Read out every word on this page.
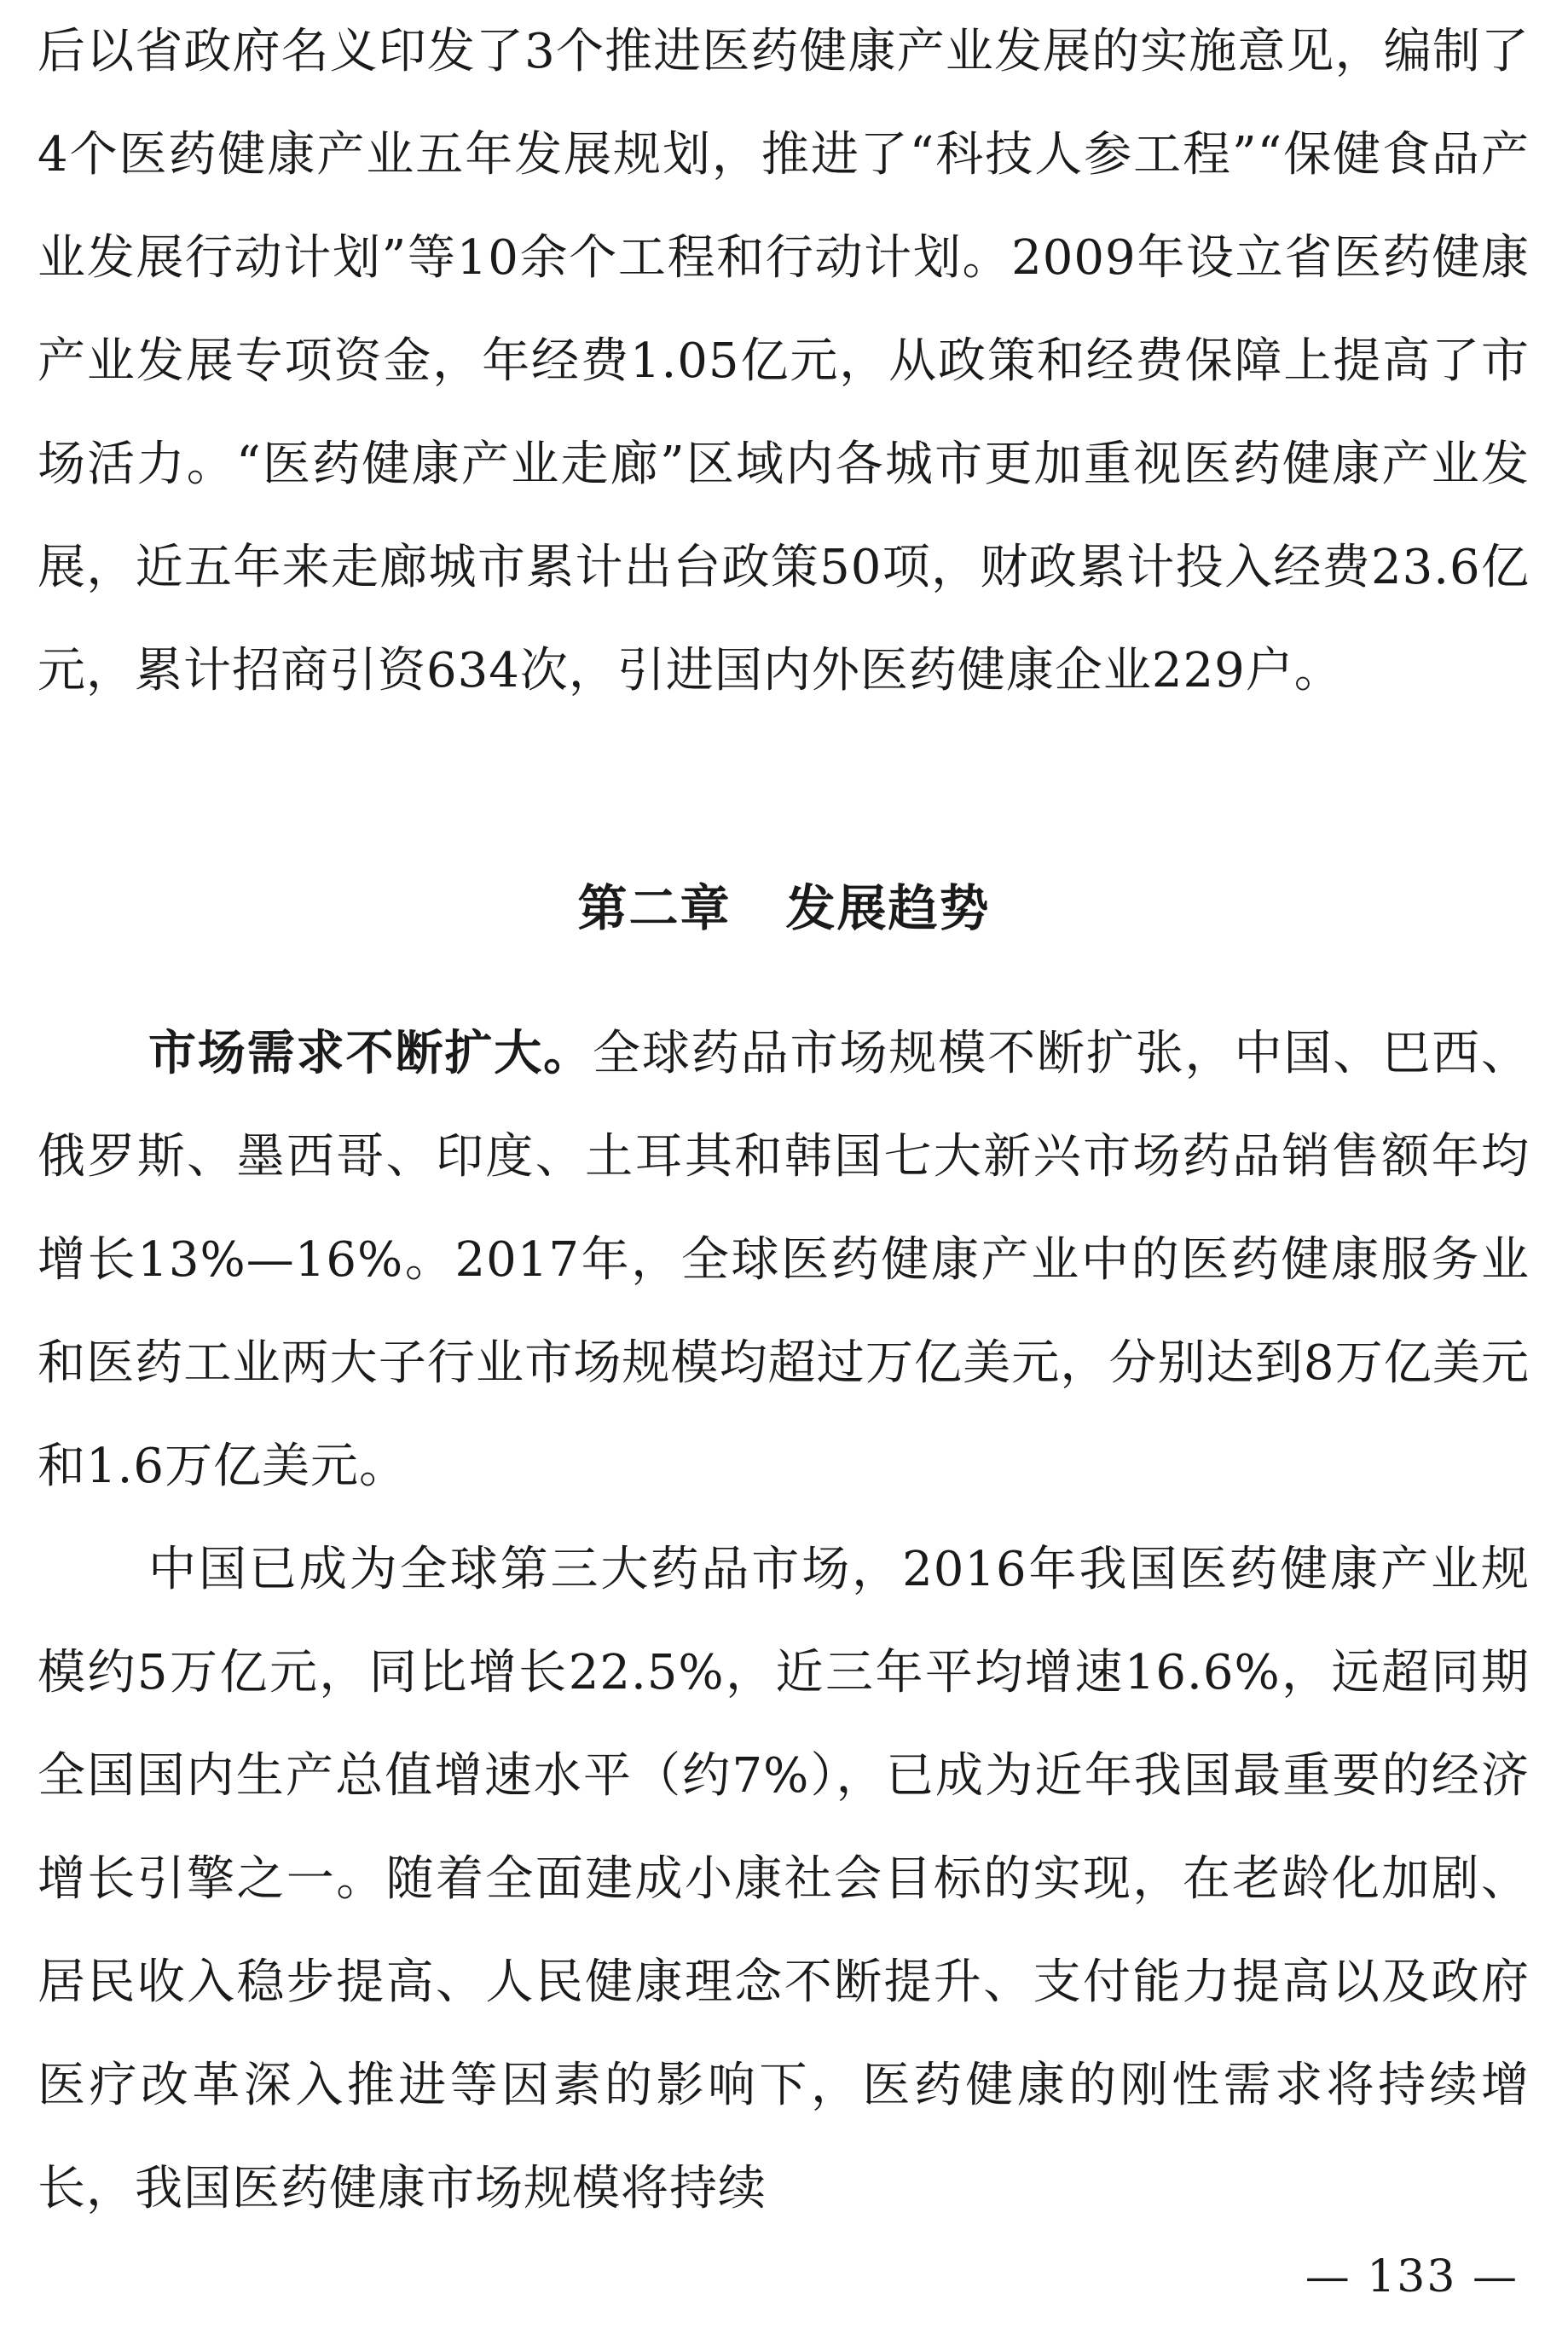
后以省政府名义印发了3个推进医药健康产业发展的实施意见，编制了4个医药健康产业五年发展规划，推进了“科技人参工程”“保健食品产业发展行动计划”等10余个工程和行动计划。2009年设立省医药健康产业发展专项资金，年经费1.05亿元，从政策和经费保障上提高了市场活力。“医药健康产业走廊”区域内各城市更加重视医药健康产业发展，近五年来走廊城市累计出台政策50项，财政累计投入经费23.6亿元，累计招商引资634次，引进国内外医药健康企业229户。

第二章 发展趋势

市场需求不断扩大。全球药品市场规模不断扩张，中国、巴西、俄罗斯、墨西哥、印度、土耳其和韩国七大新兴市场药品销售额年均增长13%—16%。2017年，全球医药健康产业中的医药健康服务业和医药工业两大子行业市场规模均超过万亿美元，分别达到8万亿美元和1.6万亿美元。

中国已成为全球第三大药品市场，2016年我国医药健康产业规模约5万亿元，同比增长22.5%，近三年平均增速16.6%，远超同期全国国内生产总值增速水平（约7%），已成为近年我国最重要的经济增长引擎之一。随着全面建成小康社会目标的实现，在老龄化加剧、居民收入稳步提高、人民健康理念不断提升、支付能力提高以及政府医疗改革深入推进等因素的影响下，医药健康的刚性需求将持续增长，我国医药健康市场规模将持续

— 133 —
